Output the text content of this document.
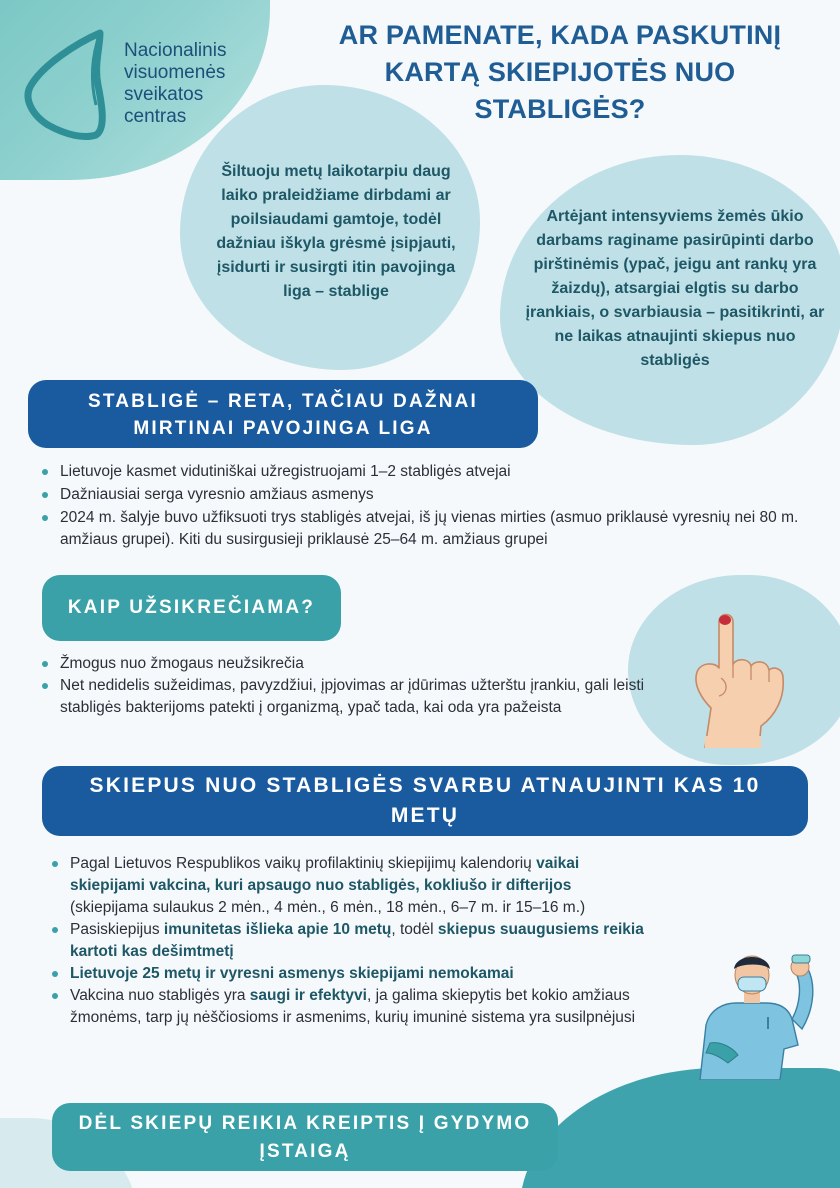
Nacionalinis
visuomenės
sveikatos
centras
AR PAMENATE, KADA PASKUTINĮ KARTĄ SKIEPIJOTĖS NUO STABLIGĖS?
Šiltuoju metų laikotarpiu daug laiko praleidžiame dirbdami ar poilsiaudami gamtoje, todėl dažniau iškyla grėsmė įsipjauti, įsidurti ir susirgti itin pavojinga liga – stablige
Artėjant intensyviems žemės ūkio darbams raginame pasirūpinti darbo pirštinėmis (ypač, jeigu ant rankų yra žaizdų), atsargiai elgtis su darbo įrankiais, o svarbiausia – pasitikrinti, ar ne laikas atnaujinti skiepus nuo stabligės
STABLIGĖ – RETA, TAČIAU DAŽNAI
MIRTINAI PAVOJINGA LIGA
Lietuvoje kasmet vidutiniškai užregistruojami 1–2 stabligės atvejai
Dažniausiai serga vyresnio amžiaus asmenys
2024 m. šalyje buvo užfiksuoti trys stabligės atvejai, iš jų vienas mirties (asmuo priklausė vyresnių nei 80 m. amžiaus grupei). Kiti du susirgusieji priklausė 25–64 m. amžiaus grupei
KAIP UŽSIKREČIAMA?
Žmogus nuo žmogaus neužsikrečia
Net nedidelis sužeidimas, pavyzdžiui, įpjovimas ar įdūrimas užterštu įrankiu, gali leisti stabligės bakterijoms patekti į organizmą, ypač tada, kai oda yra pažeista
SKIEPUS NUO STABLIGĖS SVARBU ATNAUJINTI KAS 10
METŲ
Pagal Lietuvos Respublikos vaikų profilaktinių skiepijimų kalendorių vaikai skiepijami vakcina, kuri apsaugo nuo stabligės, kokliušo ir difterijos (skiepijama sulaukus 2 mėn., 4 mėn., 6 mėn., 18 mėn., 6–7 m. ir 15–16 m.)
Pasiskiepijus imunitetas išlieka apie 10 metų, todėl skiepus suaugusiems reikia kartoti kas dešimtmetį
Lietuvoje 25 metų ir vyresni asmenys skiepijami nemokamai
Vakcina nuo stabligės yra saugi ir efektyvi, ja galima skiepytis bet kokio amžiaus žmonėms, tarp jų nėščiosioms ir asmenims, kurių imuninė sistema yra susilpnėjusi
DĖL SKIEPŲ REIKIA KREIPTIS Į GYDYMO
ĮSTAIGĄ
